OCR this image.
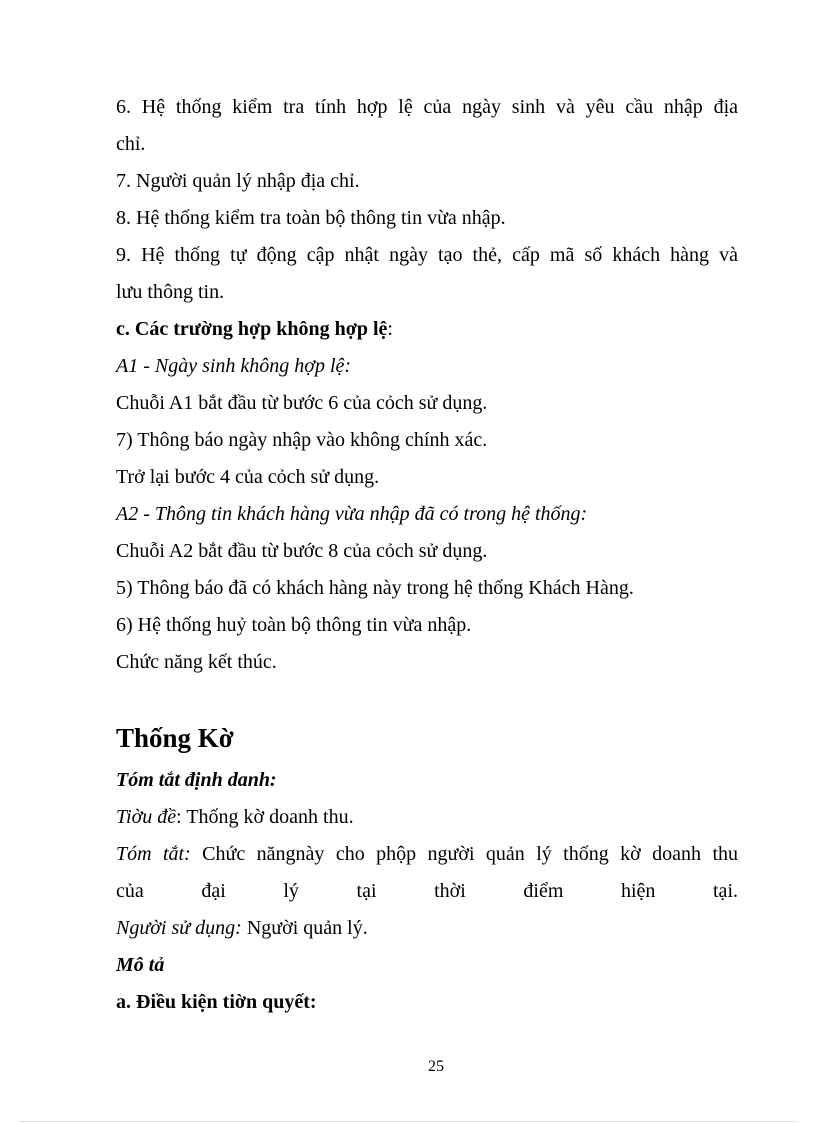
6. Hệ thống kiểm tra tính hợp lệ của ngày sinh và yêu cầu nhập địa
chỉ.
7. Người quản lý nhập địa chỉ.
8. Hệ thống kiểm tra toàn bộ thông tin vừa nhập.
9. Hệ thống tự động cập nhật ngày tạo thẻ, cấp mã số khách hàng và
lưu thông tin.
c. Các trường hợp không hợp lệ:
A1 - Ngày sinh không hợp lệ:
Chuỗi A1 bắt đầu từ bước 6 của cỏch sử dụng.
7) Thông báo ngày nhập vào không chính xác.
Trở lại bước 4 của cỏch sử dụng.
A2 - Thông tin khách hàng vừa nhập đã có trong hệ thống:
Chuỗi A2 bắt đầu từ bước 8 của cỏch sử dụng.
5) Thông báo đã có khách hàng này trong hệ thống Khách Hàng.
6) Hệ thống huỷ toàn bộ thông tin vừa nhập.
Chức năng kết thúc.
Thống Kờ
Tóm tắt định danh:
Tiờu đề: Thống kờ doanh thu.
Tóm tắt: Chức năngnày cho phộp người quản lý thống kờ doanh thu
của đại lý tại thời điểm hiện tại.
Người sử dụng: Người quản lý.
Mô tả
a. Điều kiện tiờn quyết:
25
